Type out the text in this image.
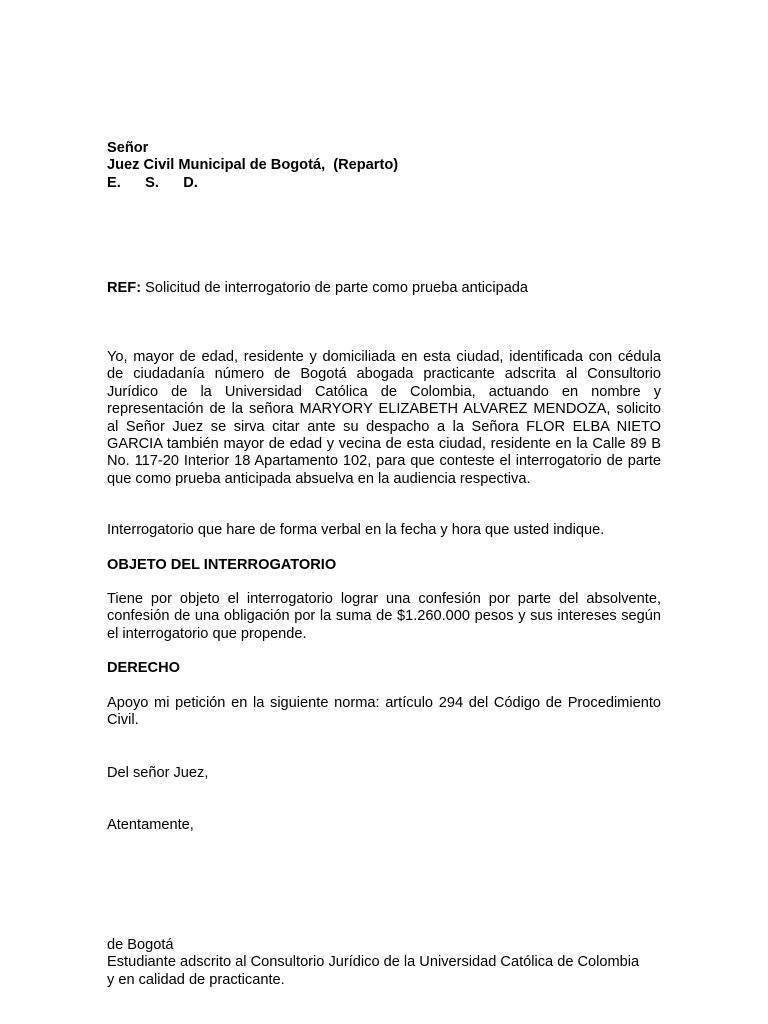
Señor
Juez Civil Municipal de Bogotá,  (Reparto)
E.      S.      D.
REF: Solicitud de interrogatorio de parte como prueba anticipada
Yo, mayor de edad, residente y domiciliada en esta ciudad, identificada con cédula de ciudadanía número de Bogotá abogada practicante adscrita al Consultorio Jurídico de la Universidad Católica de Colombia, actuando en nombre y representación de la señora MARYORY ELIZABETH ALVAREZ MENDOZA, solicito al Señor Juez se sirva citar ante su despacho a la Señora FLOR ELBA NIETO GARCIA también mayor de edad y vecina de esta ciudad, residente en la Calle 89 B No. 117-20 Interior 18 Apartamento 102, para que conteste el interrogatorio de parte que como prueba anticipada absuelva en la audiencia respectiva.
Interrogatorio que hare de forma verbal en la fecha y hora que usted indique.
OBJETO DEL INTERROGATORIO
Tiene por objeto el interrogatorio lograr una confesión por parte del absolvente, confesión de una obligación por la suma de $1.260.000 pesos y sus intereses según el interrogatorio que propende.
DERECHO
Apoyo mi petición en la siguiente norma: artículo 294 del Código de Procedimiento Civil.
Del señor Juez,
Atentamente,
de Bogotá
Estudiante adscrito al Consultorio Jurídico de la Universidad Católica de Colombia
y en calidad de practicante.
